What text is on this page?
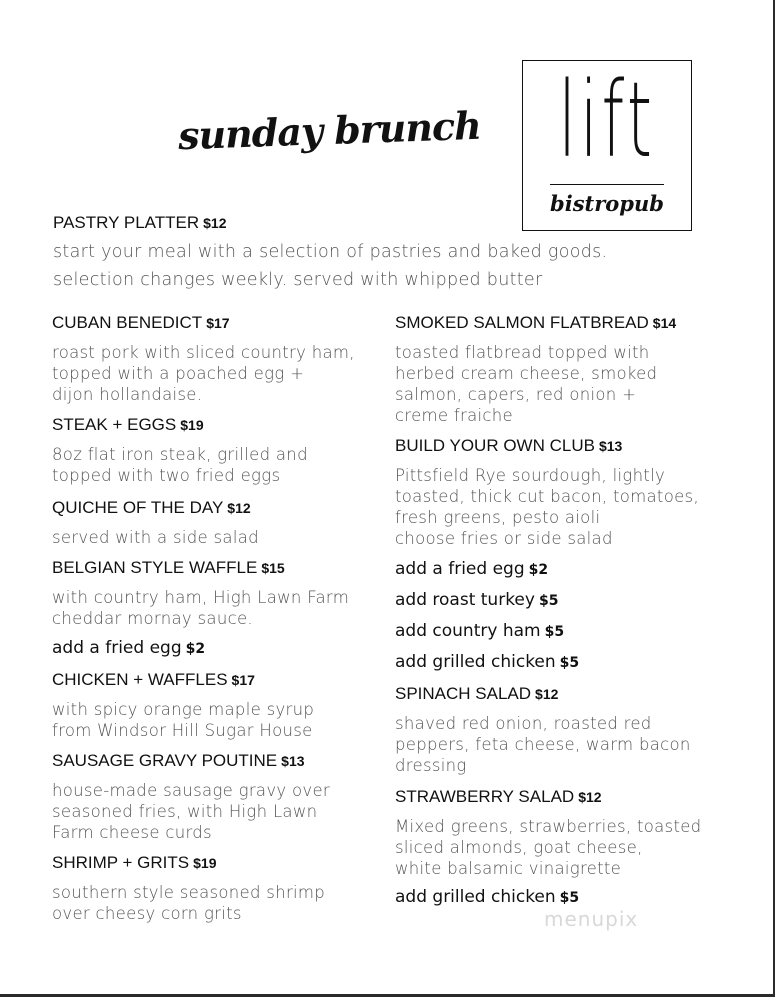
sunday brunch lift
bistropub
PASTRY PLATTER $12
start your meal with a selection of pastries and baked goods.
selection changes weekly. served with whipped butter
CUBAN BENEDICT $17
roast pork with sliced country ham,
topped with a poached egg +
dijon hollandaise.
STEAK + EGGS $19
8oz flat iron steak, grilled and
topped with two fried eggs
QUICHE OF THE DAY $12
served with a side salad
BELGIAN STYLE WAFFLE $15
with country ham, High Lawn Farm
cheddar mornay sauce.
add a fried egg $2
CHICKEN + WAFFLES $17
with spicy orange maple syrup
from Windsor Hill Sugar House
SAUSAGE GRAVY POUTINE $13
house-made sausage gravy over
seasoned fries, with High Lawn
Farm cheese curds
SHRIMP + GRITS $19
southern style seasoned shrimp
over cheesy corn grits
SMOKED SALMON FLATBREAD $14
toasted flatbread topped with
herbed cream cheese, smoked
salmon, capers, red onion +
creme fraiche
BUILD YOUR OWN CLUB $13
Pittsfield Rye sourdough, lightly
toasted, thick cut bacon, tomatoes,
fresh greens, pesto aioli
choose fries or side salad
add a fried egg $2
add roast turkey $5
add country ham $5
add grilled chicken $5
SPINACH SALAD $12
shaved red onion, roasted red
peppers, feta cheese, warm bacon
dressing
STRAWBERRY SALAD $12
Mixed greens, strawberries, toasted
sliced almonds, goat cheese,
white balsamic vinaigrette
add grilled chicken $5
menupix
